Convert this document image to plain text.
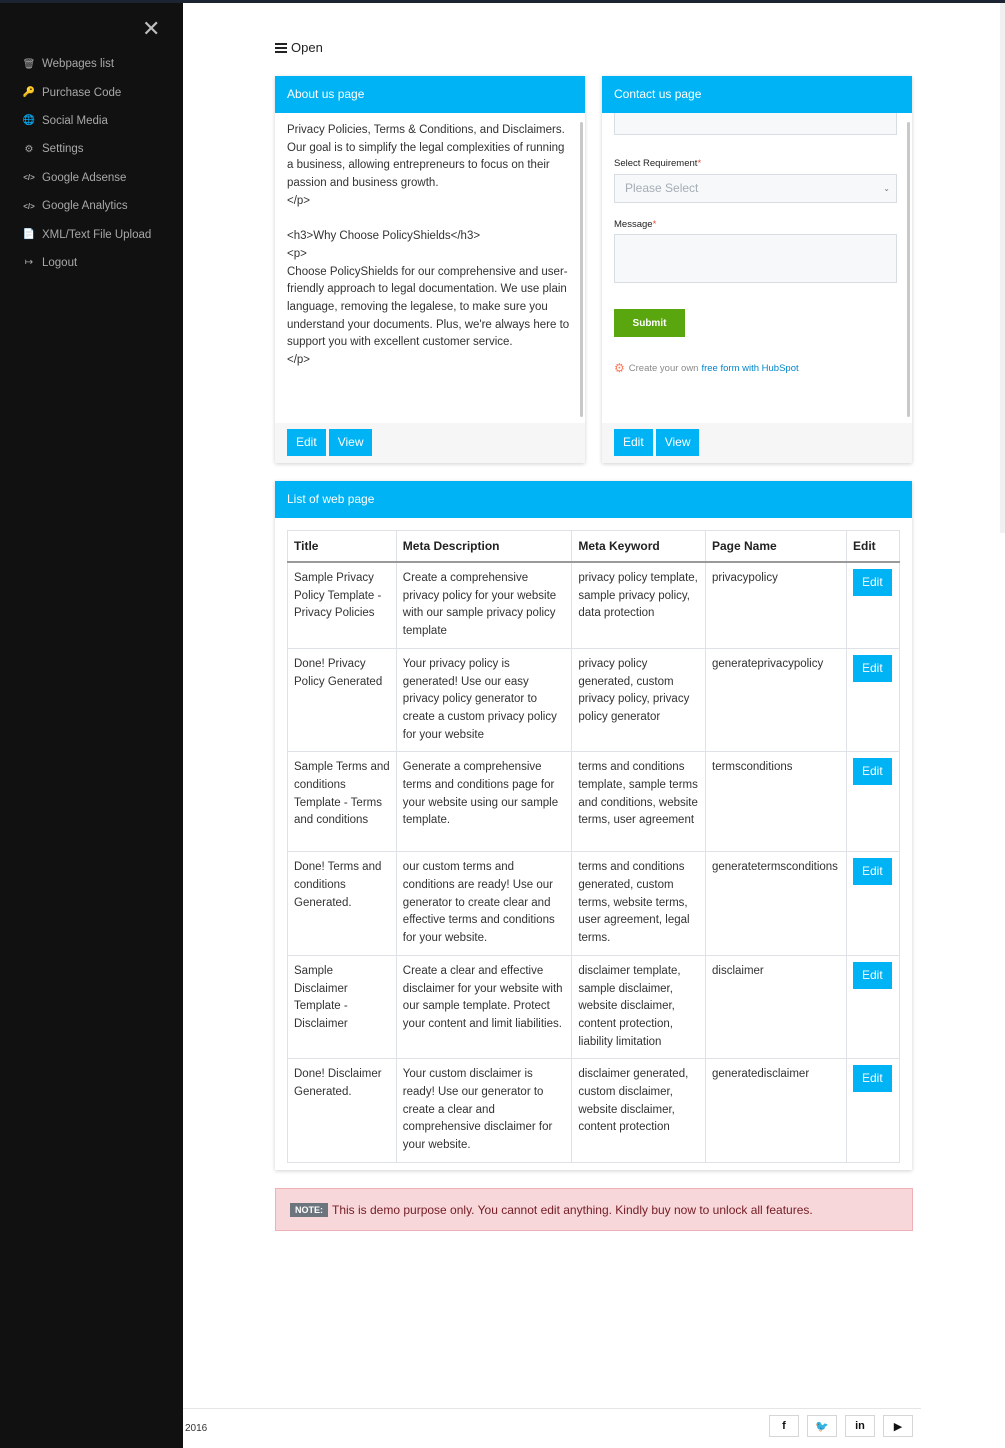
✕
🗑 Webpages list
🔑 Purchase Code
🌐 Social Media
⚙ Settings
</> Google Adsense
</> Google Analytics
📄 XML/Text File Upload
↦ Logout
Open
About us page
Privacy Policies, Terms & Conditions, and Disclaimers. Our goal is to simplify the legal complexities of running a business, allowing entrepreneurs to focus on their passion and business growth.
</p>

<h3>Why Choose PolicyShields</h3>
<p>
Choose PolicyShields for our comprehensive and user-friendly approach to legal documentation. We use plain language, removing the legalese, to make sure you understand your documents. Plus, we're always here to support you with excellent customer service.
</p>
Edit	View
Contact us page
Select Requirement*
Please Select	⌄
Message*
Submit
⚙ Create your own free form with HubSpot
Edit	View
List of web page
Title	Meta Description	Meta Keyword	Page Name	Edit
Sample Privacy Policy Template - Privacy Policies	Create a comprehensive privacy policy for your website with our sample privacy policy template	privacy policy template, sample privacy policy, data protection	privacypolicy	Edit
Done! Privacy Policy Generated	Your privacy policy is generated! Use our easy privacy policy generator to create a custom privacy policy for your website	privacy policy generated, custom privacy policy, privacy policy generator	generateprivacypolicy	Edit
Sample Terms and conditions Template - Terms and conditions	Generate a comprehensive terms and conditions page for your website using our sample template.	terms and conditions template, sample terms and conditions, website terms, user agreement	termsconditions	Edit
Done! Terms and conditions Generated.	our custom terms and conditions are ready! Use our generator to create clear and effective terms and conditions for your website.	terms and conditions generated, custom terms, website terms, user agreement, legal terms.	generatetermsconditions	Edit
Sample Disclaimer Template - Disclaimer	Create a clear and effective disclaimer for your website with our sample template. Protect your content and limit liabilities.	disclaimer template, sample disclaimer, website disclaimer, content protection, liability limitation	disclaimer	Edit
Done! Disclaimer Generated.	Your custom disclaimer is ready! Use our generator to create a clear and comprehensive disclaimer for your website.	disclaimer generated, custom disclaimer, website disclaimer, content protection	generatedisclaimer	Edit
NOTE: This is demo purpose only. You cannot edit anything. Kindly buy now to unlock all features.
2016	f	🐦	in	▶
